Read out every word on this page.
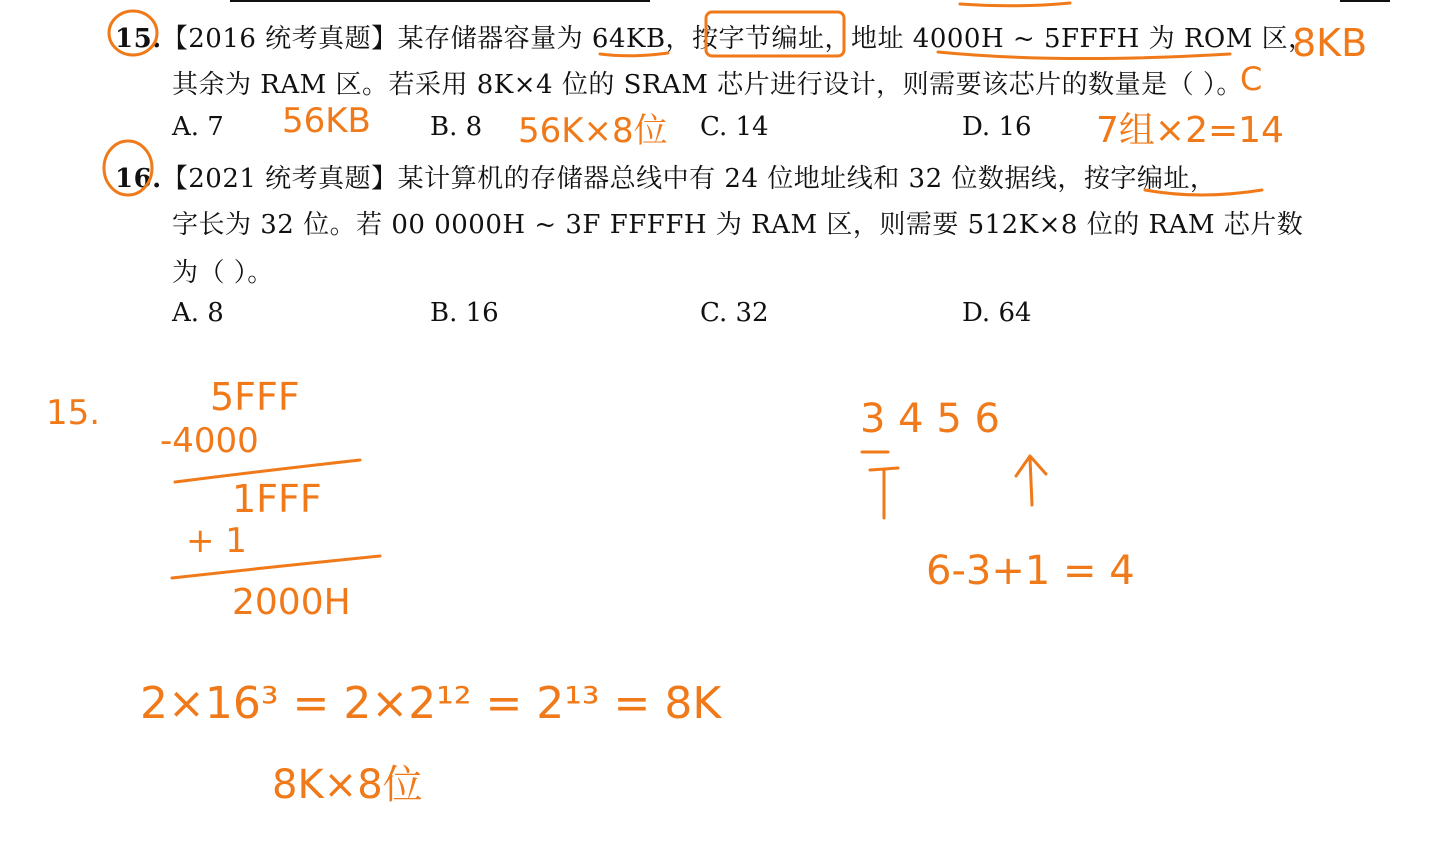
15.【2016 统考真题】某存储器容量为 64KB，按字节编址，地址 4000H ~ 5FFFH 为 ROM 区，
其余为 RAM 区。若采用 8K×4 位的 SRAM 芯片进行设计，则需要该芯片的数量是（ ）。
A. 7	B. 8	C. 14	D. 16
16.【2021 统考真题】某计算机的存储器总线中有 24 位地址线和 32 位数据线，按字编址，
字长为 32 位。若 00 0000H ~ 3F FFFFH 为 RAM 区，则需要 512K×8 位的 RAM 芯片数
为（ ）。
A. 8	B. 16	C. 32	D. 64
8KB
C
56KB	56K×8位	7组×2=14
15.	5FFF
-4000
1FFF
+ 1
2000H
2×16³ = 2×2¹² = 2¹³ = 8K
8K×8位
3 4 5 6
6-3+1 = 4
